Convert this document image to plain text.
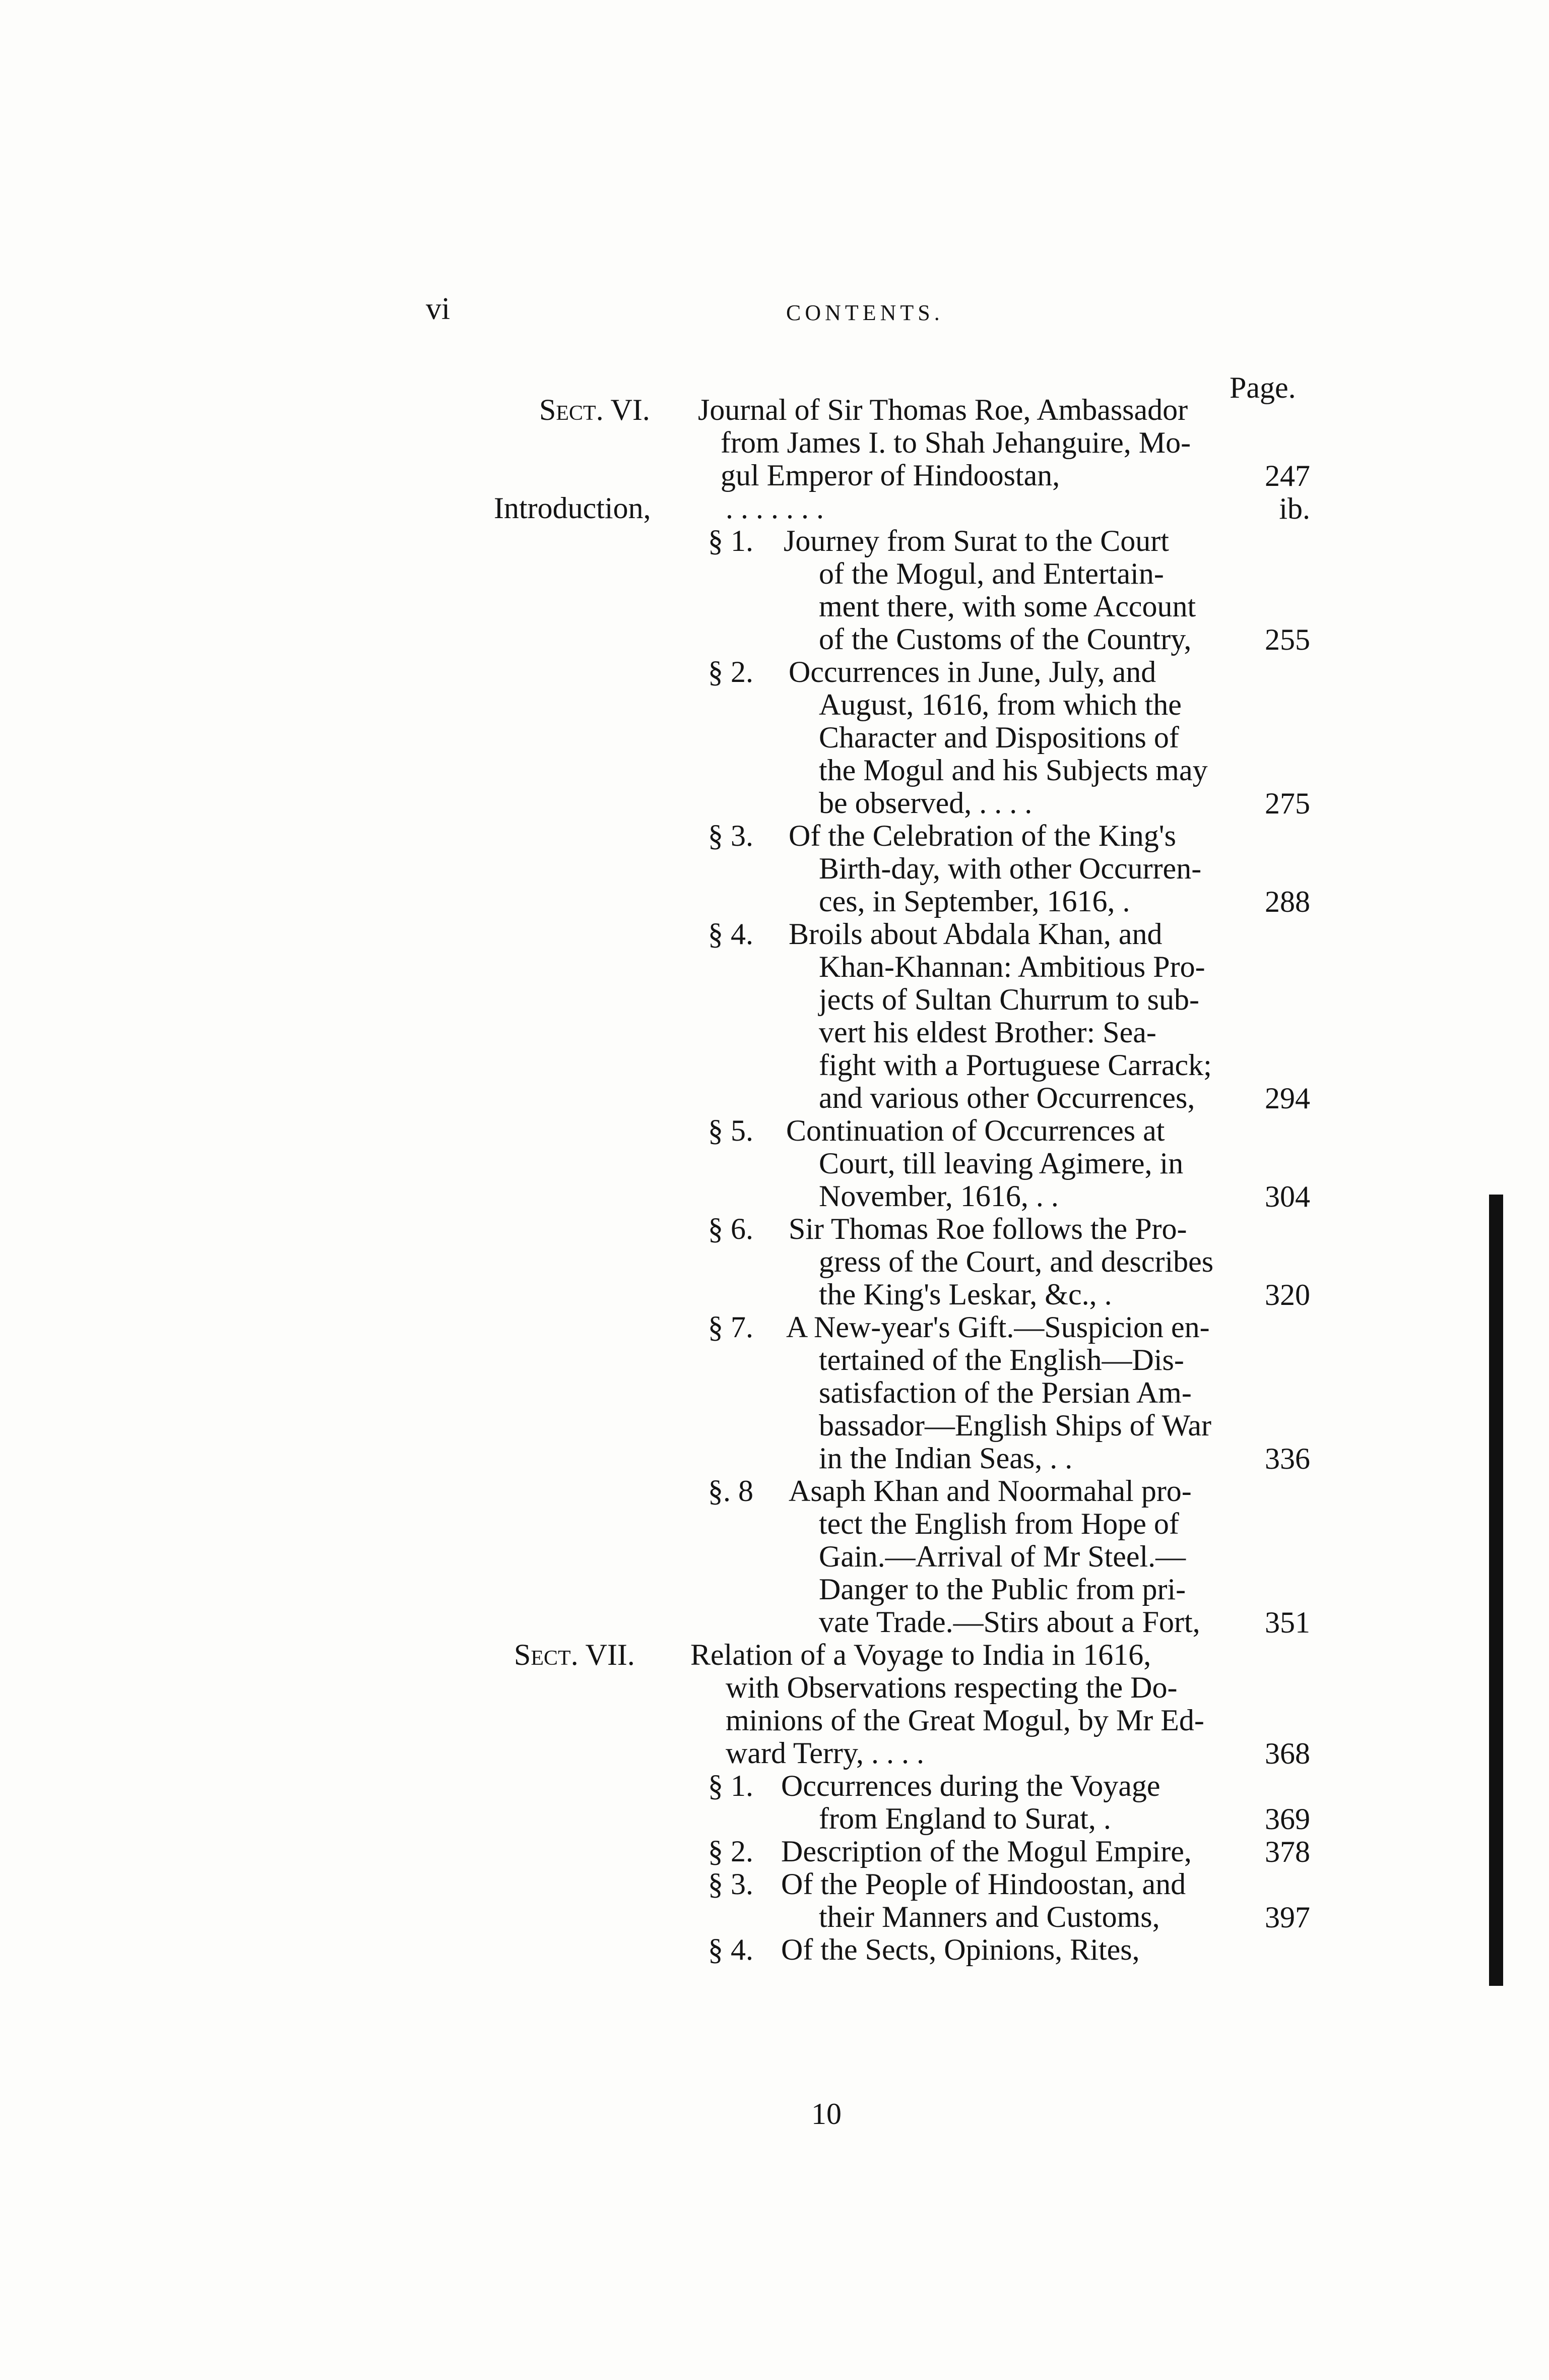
vi	CONTENTS.
Page.
Sect. VI. Journal of Sir Thomas Roe, Ambassador
from James I. to Shah Jehanguire, Mo-
gul Emperor of Hindoostan,	247
Introduction, . . . . . . .	ib.
§ 1. Journey from Surat to the Court
of the Mogul, and Entertain-
ment there, with some Account
of the Customs of the Country, 255
§ 2. Occurrences in June, July, and
August, 1616, from which the
Character and Dispositions of
the Mogul and his Subjects may
be observed, . . . .	275
§ 3. Of the Celebration of the King's
Birth-day, with other Occurren-
ces, in September, 1616, .	288
§ 4. Broils about Abdala Khan, and
Khan-Khannan: Ambitious Pro-
jects of Sultan Churrum to sub-
vert his eldest Brother: Sea-
fight with a Portuguese Carrack;
and various other Occurrences, 294
§ 5. Continuation of Occurrences at
Court, till leaving Agimere, in
November, 1616, . .	304
§ 6. Sir Thomas Roe follows the Pro-
gress of the Court, and describes
the King's Leskar, &c., .	320
§ 7. A New-year's Gift.—Suspicion en-
tertained of the English—Dis-
satisfaction of the Persian Am-
bassador—English Ships of War
in the Indian Seas, . .	336
§. 8 Asaph Khan and Noormahal pro-
tect the English from Hope of
Gain.—Arrival of Mr Steel.—
Danger to the Public from pri-
vate Trade.—Stirs about a Fort, 351
Sect. VII. Relation of a Voyage to India in 1616,
with Observations respecting the Do-
minions of the Great Mogul, by Mr Ed-
ward Terry, . . . .	368
§ 1. Occurrences during the Voyage
from England to Surat, .	369
§ 2. Description of the Mogul Empire, 378
§ 3. Of the People of Hindoostan, and
their Manners and Customs,	397
§ 4. Of the Sects, Opinions, Rites,
10
